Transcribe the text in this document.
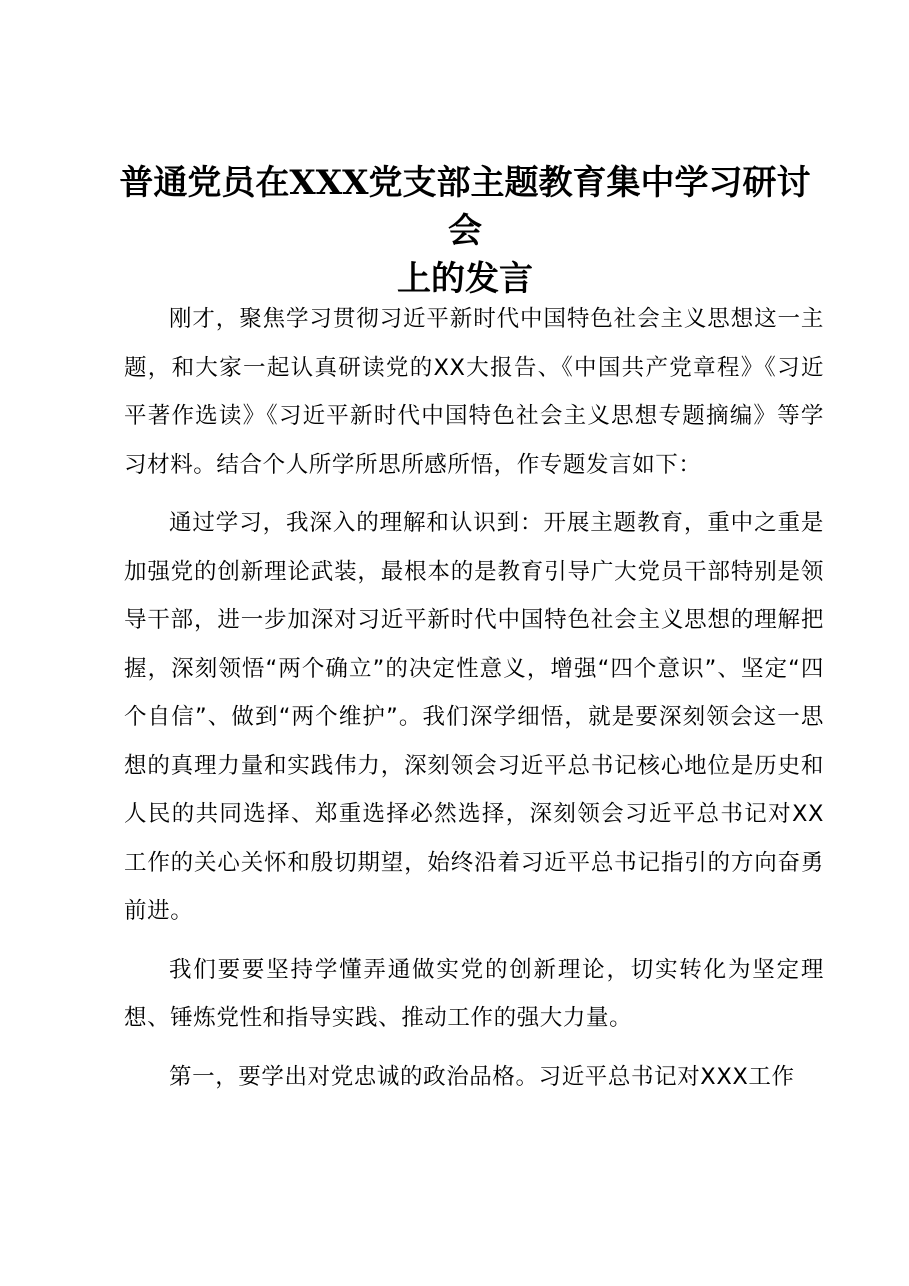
普通党员在XXX党支部主题教育集中学习研讨会
上的发言

刚才，聚焦学习贯彻习近平新时代中国特色社会主义思想这一主题，和大家一起认真研读党的XX大报告、《中国共产党章程》《习近平著作选读》《习近平新时代中国特色社会主义思想专题摘编》等学习材料。结合个人所学所思所感所悟，作专题发言如下：

通过学习，我深入的理解和认识到：开展主题教育，重中之重是加强党的创新理论武装，最根本的是教育引导广大党员干部特别是领导干部，进一步加深对习近平新时代中国特色社会主义思想的理解把握，深刻领悟“两个确立”的决定性意义，增强“四个意识”、坚定“四个自信”、做到“两个维护”。我们深学细悟，就是要深刻领会这一思想的真理力量和实践伟力，深刻领会习近平总书记核心地位是历史和人民的共同选择、郑重选择必然选择，深刻领会习近平总书记对XX工作的关心关怀和殷切期望，始终沿着习近平总书记指引的方向奋勇前进。

我们要要坚持学懂弄通做实党的创新理论，切实转化为坚定理想、锤炼党性和指导实践、推动工作的强大力量。

第一，要学出对党忠诚的政治品格。习近平总书记对XXX工作
